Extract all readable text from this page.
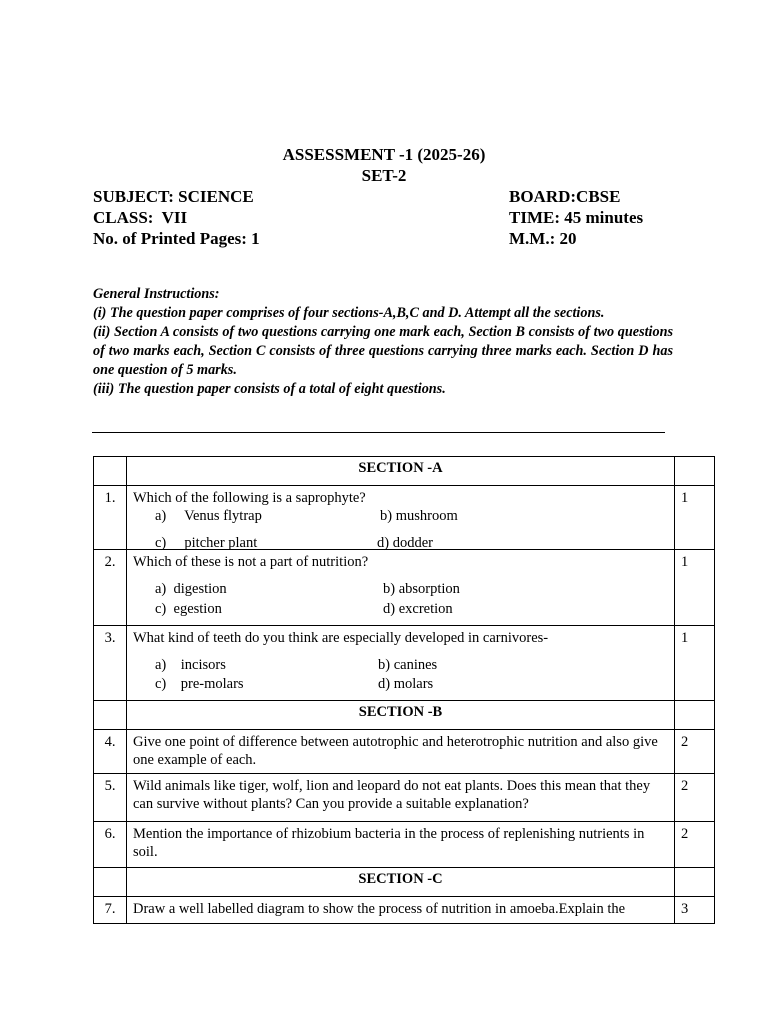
ASSESSMENT -1 (2025-26)
SET-2
SUBJECT: SCIENCE	BOARD:CBSE
CLASS:  VII	TIME: 45 minutes
No. of Printed Pages: 1	M.M.: 20

General Instructions:

(i) The question paper comprises of four sections-A,B,C and D. Attempt all the sections.

(ii) Section A consists of two questions carrying one mark each, Section B consists of two questions of two marks each, Section C consists of three questions carrying three marks each. Section D has one question of 5 marks.

(iii) The question paper consists of a total of eight questions.

	SECTION -A	
1.	Which of the following is a saprophyte?
a)     Venus flytrap b) mushroom
c)     pitcher plant d) dodder	1
2.	Which of these is not a part of nutrition?
a)  digestion b) absorption
c)  egestion d) excretion	1
3.	What kind of teeth do you think are especially developed in carnivores-
a)    incisors b) canines
c)    pre-molars d) molars	1
	SECTION -B	
4.	Give one point of difference between autotrophic and heterotrophic nutrition and also give one example of each.	2
5.	Wild animals like tiger, wolf, lion and leopard do not eat plants. Does this mean that they can survive without plants? Can you provide a suitable explanation?	2
6.	Mention the importance of rhizobium bacteria in the process of replenishing nutrients in soil.	2
	SECTION -C	
7.	Draw a well labelled diagram to show the process of nutrition in amoeba.Explain the	3
